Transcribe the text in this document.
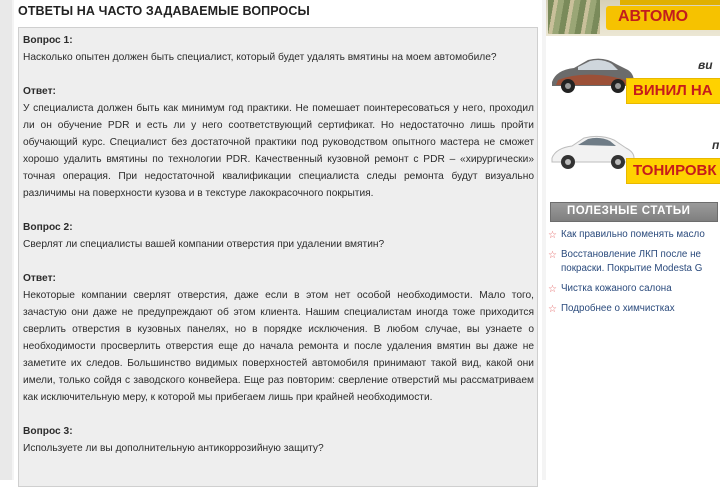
ОТВЕТЫ НА ЧАСТО ЗАДАВАЕМЫЕ ВОПРОСЫ

Вопрос 1:

Насколько опытен должен быть специалист, который будет удалять вмятины на моем автомобиле?

Ответ:

У специалиста должен быть как минимум год практики. Не помешает поинтересоваться у него, проходил ли он обучение PDR и есть ли у него соответствующий сертификат. Но недостаточно лишь пройти обучающий курс. Специалист без достаточной практики под руководством опытного мастера не сможет хорошо удалить вмятины по технологии PDR. Качественный кузовной ремонт с PDR – «хирургически» точная операция. При недостаточной квалификации специалиста следы ремонта будут визуально различимы на поверхности кузова и в текстуре лакокрасочного покрытия.

Вопрос 2:

Сверлят ли специалисты вашей компании отверстия при удалении вмятин?

Ответ:

Некоторые компании сверлят отверстия, даже если в этом нет особой необходимости. Мало того, зачастую они даже не предупреждают об этом клиента. Нашим специалистам иногда тоже приходится сверлить отверстия в кузовных панелях, но в порядке исключения. В любом случае, вы узнаете о необходимости просверлить отверстия еще до начала ремонта и после удаления вмятин вы даже не заметите их следов. Большинство видимых поверхностей автомобиля принимают такой вид, какой они имели, только сойдя с заводского конвейера. Еще раз повторим: сверление отверстий мы рассматриваем как исключительную меру, к которой мы прибегаем лишь при крайней необходимости.

Вопрос 3:

Используете ли вы дополнительную антикоррозийную защиту?

АВТОМО
ви
ВИНИЛ НА
п
ТОНИРОВК
ПОЛЕЗНЫЕ СТАТЬИ
☆ Как правильно поменять масло
☆ Восстановление ЛКП после не покраски. Покрытие Modesta G
☆ Чистка кожаного салона
☆ Подробнее о химчистках
